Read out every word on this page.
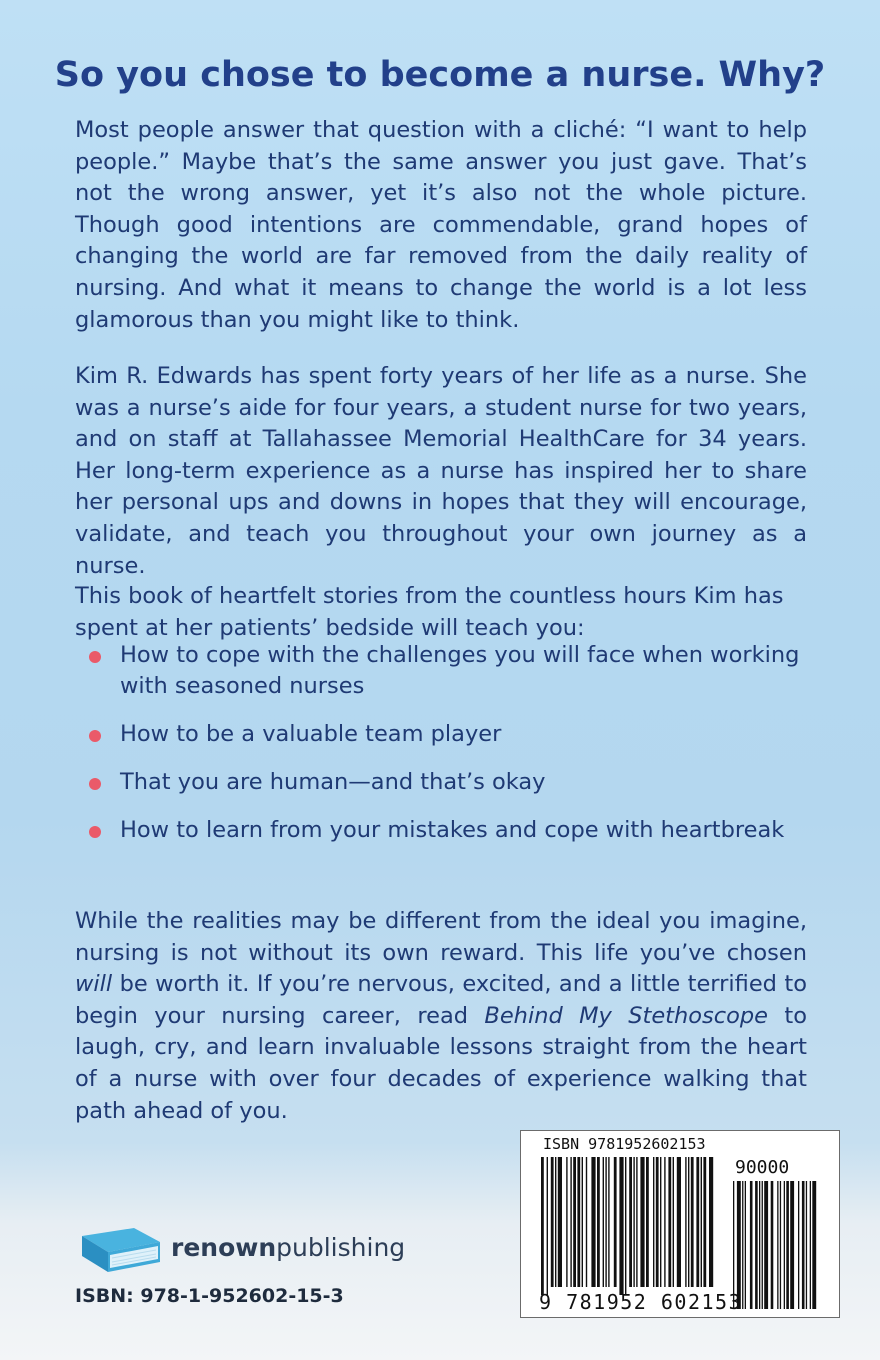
So you chose to become a nurse. Why?

Most people answer that question with a cliché: “I want to help people.” Maybe that’s the same answer you just gave. That’s not the wrong answer, yet it’s also not the whole picture. Though good intentions are commendable, grand hopes of changing the world are far removed from the daily reality of nursing. And what it means to change the world is a lot less glamorous than you might like to think.

Kim R. Edwards has spent forty years of her life as a nurse. She was a nurse’s aide for four years, a student nurse for two years, and on staff at Tallahassee Memorial HealthCare for 34 years. Her long-term experience as a nurse has inspired her to share her personal ups and downs in hopes that they will encourage, validate, and teach you throughout your own journey as a nurse.

This book of heartfelt stories from the countless hours Kim has spent at her patients’ bedside will teach you:

How to cope with the challenges you will face when working with seasoned nurses
How to be a valuable team player
That you are human—and that’s okay
How to learn from your mistakes and cope with heartbreak

While the realities may be different from the ideal you imagine, nursing is not without its own reward. This life you’ve chosen will be worth it. If you’re nervous, excited, and a little terrified to begin your nursing career, read Behind My Stethoscope to laugh, cry, and learn invaluable lessons straight from the heart of a nurse with over four decades of experience walking that path ahead of you.

renownpublishing
ISBN: 978-1-952602-15-3
ISBN 9781952602153
90000
9 781952 602153
